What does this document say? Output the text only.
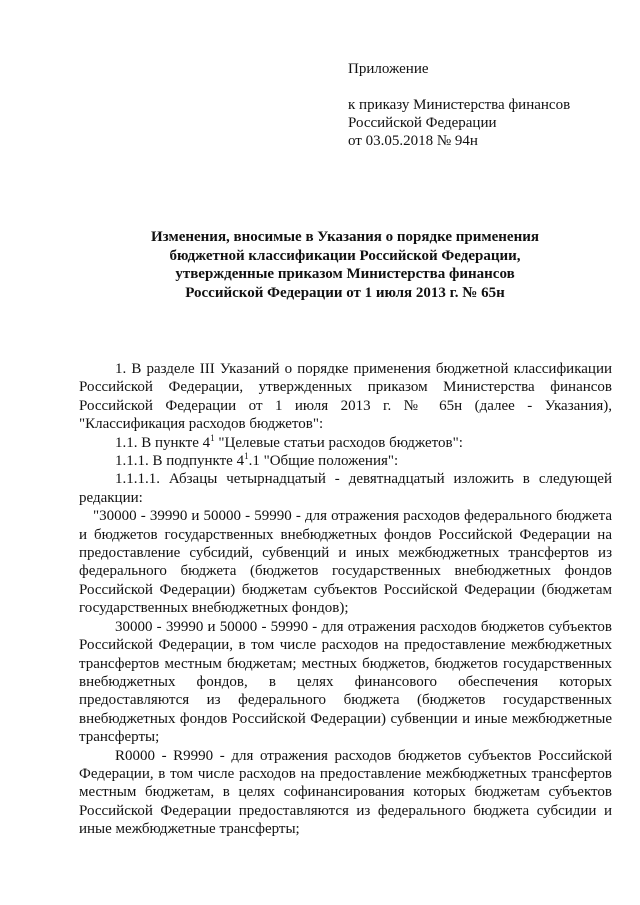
Приложение
к приказу Министерства финансов
Российской Федерации
от 03.05.2018 № 94н
Изменения, вносимые в Указания о порядке применения
бюджетной классификации Российской Федерации,
утвержденные приказом Министерства финансов
Российской Федерации от 1 июля 2013 г. № 65н

1. В разделе III Указаний о порядке применения бюджетной классификации Российской Федерации, утвержденных приказом Министерства финансов Российской Федерации от 1 июля 2013 г. № 65н (далее - Указания), "Классификация расходов бюджетов":

1.1. В пункте $4^1$ "Целевые статьи расходов бюджетов":

1.1.1. В подпункте $4^1.1$ "Общие положения":

1.1.1.1. Абзацы четырнадцатый - девятнадцатый изложить в следующей редакции:

"30000 - 39990 и 50000 - 59990 - для отражения расходов федерального бюджета и бюджетов государственных внебюджетных фондов Российской Федерации на предоставление субсидий, субвенций и иных межбюджетных трансфертов из федерального бюджета (бюджетов государственных внебюджетных фондов Российской Федерации) бюджетам субъектов Российской Федерации (бюджетам государственных внебюджетных фондов);

30000 - 39990 и 50000 - 59990 - для отражения расходов бюджетов субъектов Российской Федерации, в том числе расходов на предоставление межбюджетных трансфертов местным бюджетам; местных бюджетов, бюджетов государственных внебюджетных фондов, в целях финансового обеспечения которых предоставляются из федерального бюджета (бюджетов государственных внебюджетных фондов Российской Федерации) субвенции и иные межбюджетные трансферты;

R0000 - R9990 - для отражения расходов бюджетов субъектов Российской Федерации, в том числе расходов на предоставление межбюджетных трансфертов местным бюджетам, в целях софинансирования которых бюджетам субъектов Российской Федерации предоставляются из федерального бюджета субсидии и иные межбюджетные трансферты;
